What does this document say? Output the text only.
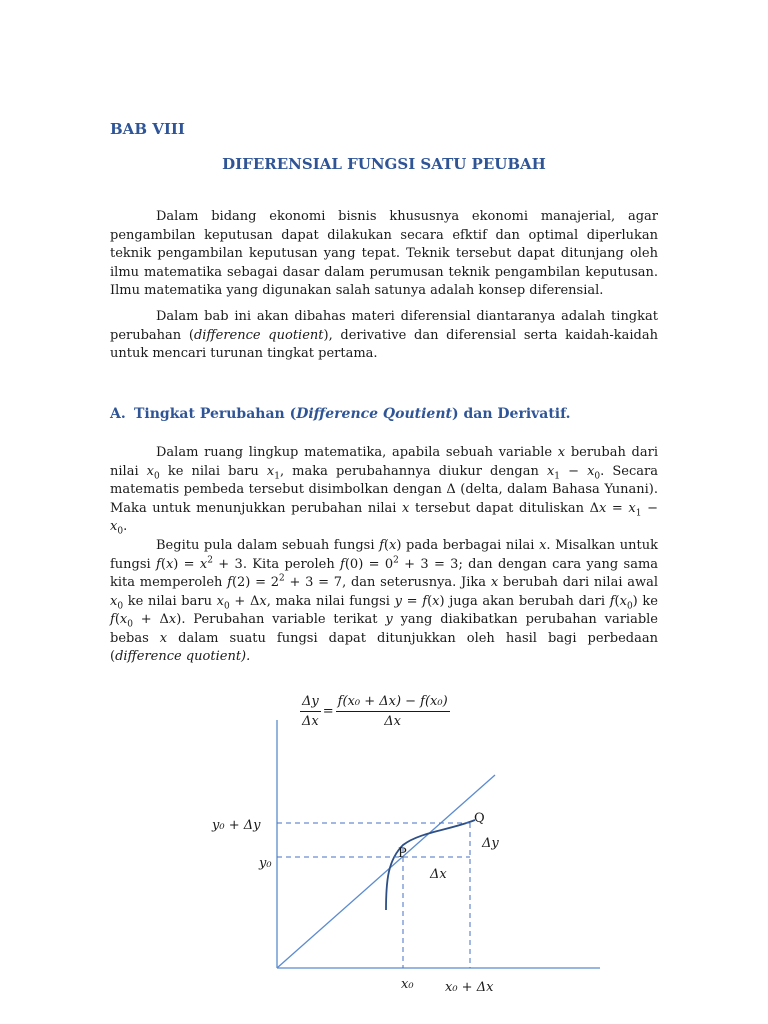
BAB VIII
DIFERENSIAL FUNGSI SATU PEUBAH
Dalam bidang ekonomi bisnis khususnya ekonomi manajerial, agar pengambilan keputusan dapat dilakukan secara efktif dan optimal diperlukan teknik pengambilan keputusan yang tepat. Teknik tersebut dapat ditunjang oleh ilmu matematika sebagai dasar dalam perumusan teknik pengambilan keputusan. Ilmu matematika yang digunakan salah satunya adalah konsep diferensial.
Dalam bab ini akan dibahas materi diferensial diantaranya adalah tingkat perubahan (difference quotient), derivative dan diferensial serta kaidah-kaidah untuk mencari turunan tingkat pertama.
A. Tingkat Perubahan (Difference Qoutient) dan Derivatif.
Dalam ruang lingkup matematika, apabila sebuah variable x berubah dari nilai $x_0$ ke nilai baru $x_1$, maka perubahannya diukur dengan $x_1 - x_0$. Secara matematis pembeda tersebut disimbolkan dengan Δ (delta, dalam Bahasa Yunani). Maka untuk menunjukkan perubahan nilai x tersebut dapat dituliskan $\Delta x = x_1 - x_0$.
Begitu pula dalam sebuah fungsi f(x) pada berbagai nilai x. Misalkan untuk fungsi $f(x) = x^2 + 3$. Kita peroleh $f(0) = 0^2 + 3 = 3$; dan dengan cara yang sama kita memperoleh $f(2) = 2^2 + 3 = 7$, dan seterusnya. Jika x berubah dari nilai awal $x_0$ ke nilai baru $x_0 + \Delta x$, maka nilai fungsi y = f(x) juga akan berubah dari $f(x_0)$ ke $f(x_0 + \Delta x)$. Perubahan variable terikat y yang diakibatkan perubahan variable bebas x dalam suatu fungsi dapat ditunjukkan oleh hasil bagi perbedaan (difference quotient).
Δy	=	f(x₀ + Δx) − f(x₀)
Δx		Δx
y₀ + Δy
y₀
x₀ x₀ + Δx
P
Q
Δx
Δy
